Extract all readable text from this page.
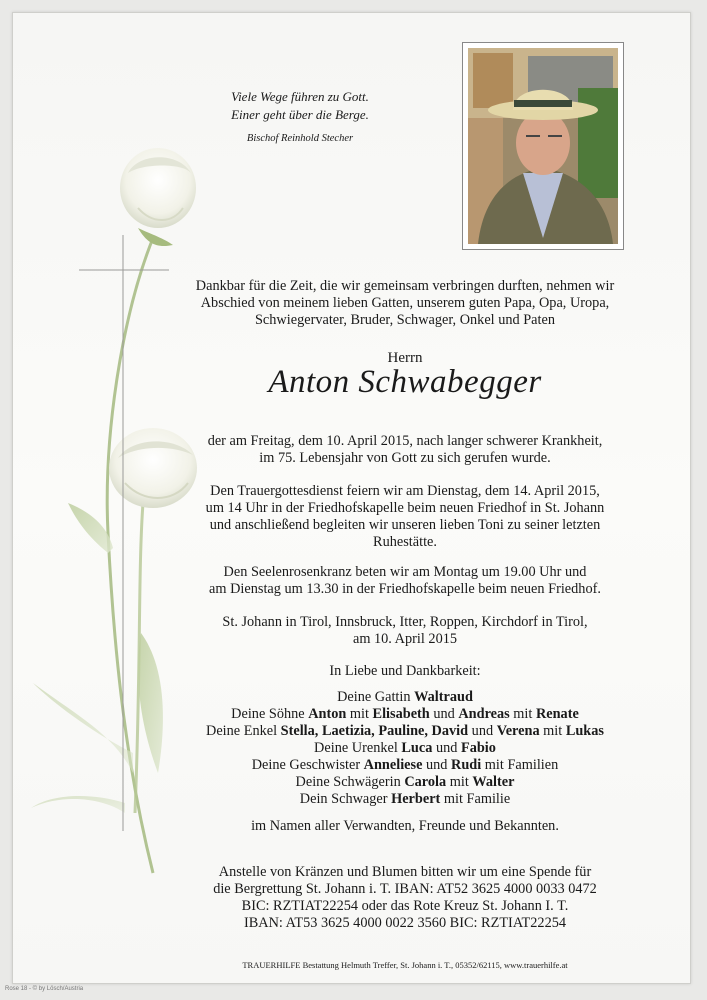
Viele Wege führen zu Gott.
Einer geht über die Berge.
Bischof Reinhold Stecher
Dankbar für die Zeit, die wir gemeinsam verbringen durften, nehmen wir
Abschied von meinem lieben Gatten, unserem guten Papa, Opa, Uropa,
Schwiegervater, Bruder, Schwager, Onkel und Paten
Herrn
Anton Schwabegger
der am Freitag, dem 10. April 2015, nach langer schwerer Krankheit,
im 75. Lebensjahr von Gott zu sich gerufen wurde.
Den Trauergottesdienst feiern wir am Dienstag, dem 14. April 2015,
um 14 Uhr in der Friedhofskapelle beim neuen Friedhof in St. Johann
und anschließend begleiten wir unseren lieben Toni zu seiner letzten
Ruhestätte.
Den Seelenrosenkranz beten wir am Montag um 19.00 Uhr und
am Dienstag um 13.30 in der Friedhofskapelle beim neuen Friedhof.
St. Johann in Tirol, Innsbruck, Itter, Roppen, Kirchdorf in Tirol,
am 10. April 2015
In Liebe und Dankbarkeit:
Deine Gattin Waltraud
Deine Söhne Anton mit Elisabeth und Andreas mit Renate
Deine Enkel Stella, Laetizia, Pauline, David und Verena mit Lukas
Deine Urenkel Luca und Fabio
Deine Geschwister Anneliese und Rudi mit Familien
Deine Schwägerin Carola mit Walter
Dein Schwager Herbert mit Familie
im Namen aller Verwandten, Freunde und Bekannten.
Anstelle von Kränzen und Blumen bitten wir um eine Spende für
die Bergrettung St. Johann i. T. IBAN: AT52 3625 4000 0033 0472
BIC: RZTIAT22254 oder das Rote Kreuz St. Johann I. T.
IBAN: AT53 3625 4000 0022 3560 BIC: RZTIAT22254
TRAUERHILFE Bestattung Helmuth Treffer, St. Johann i. T., 05352/62115, www.trauerhilfe.at
Rose 18 - © by Lösch/Austria
